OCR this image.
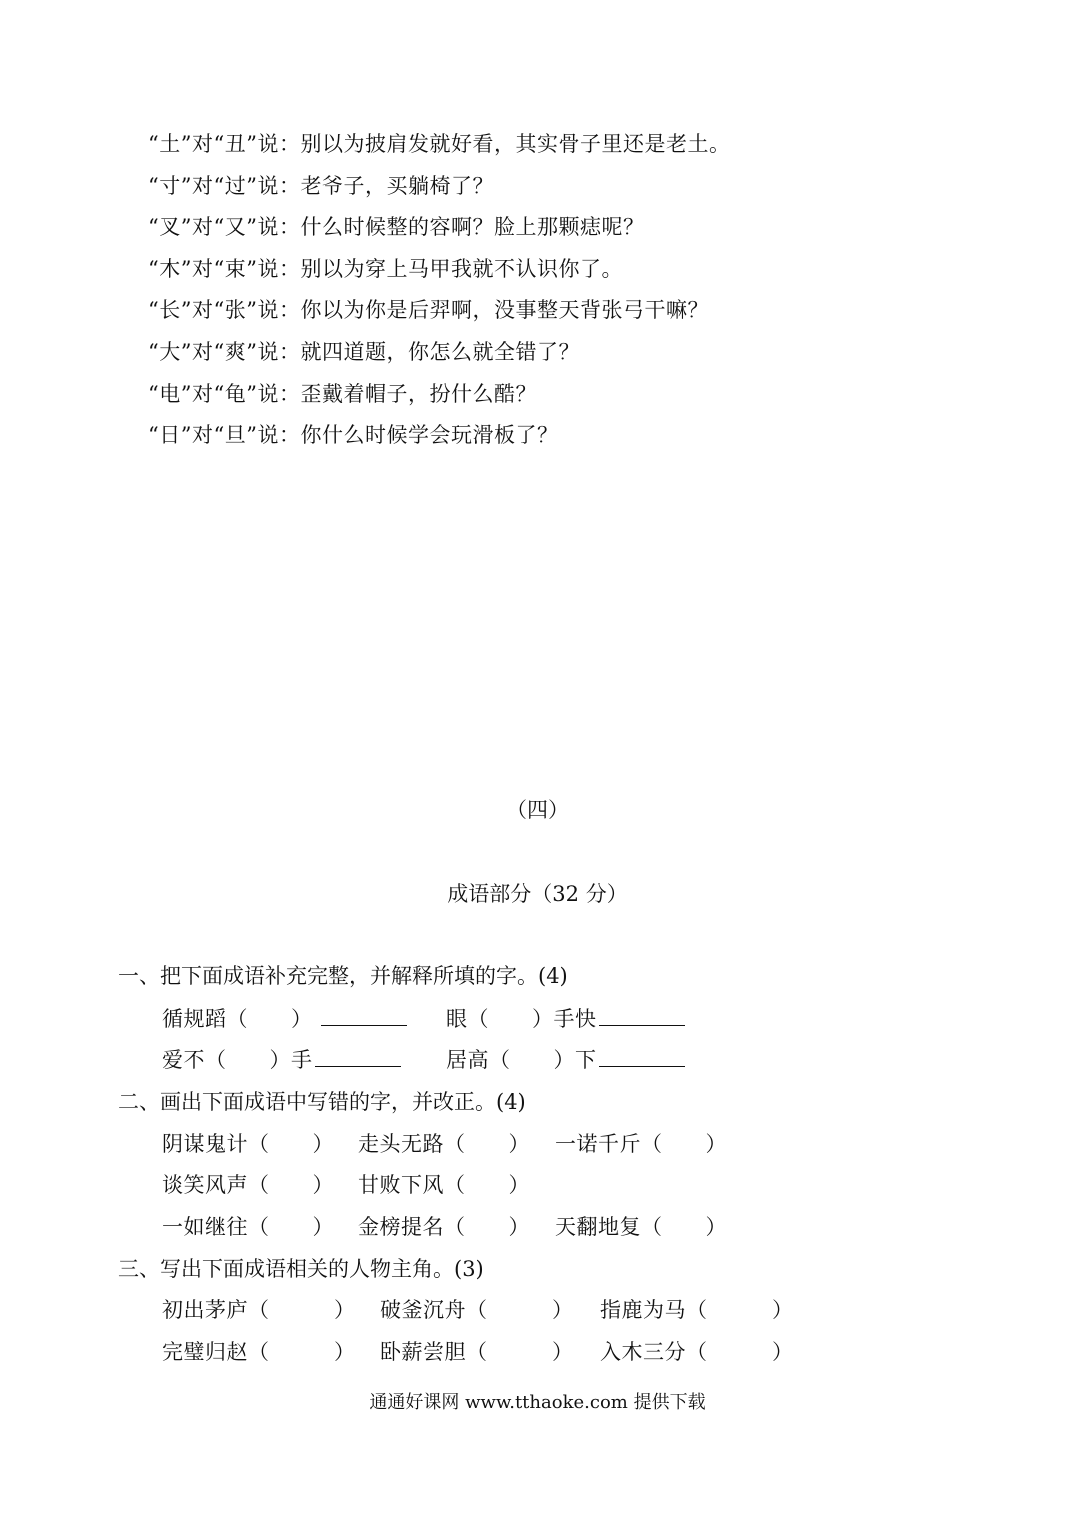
“土”对“丑”说：别以为披肩发就好看，其实骨子里还是老土。
“寸”对“过”说：老爷子，买躺椅了？
“叉”对“又”说：什么时候整的容啊？脸上那颗痣呢？
“木”对“束”说：别以为穿上马甲我就不认识你了。
“长”对“张”说：你以为你是后羿啊，没事整天背张弓干嘛？
“大”对“爽”说：就四道题，你怎么就全错了？
“电”对“龟”说：歪戴着帽子，扮什么酷？
“日”对“旦”说：你什么时候学会玩滑板了？
（四）
成语部分（32 分）
一、把下面成语补充完整，并解释所填的字。(4)
循规蹈（　　）	眼（　　）手快
爱不（　　）手	居高（　　）下
二、画出下面成语中写错的字，并改正。(4)
阴谋鬼计（　　） 走头无路（　　） 一诺千斤（　　）
谈笑风声（　　） 甘败下风（　　）
一如继往（　　） 金榜提名（　　） 天翻地复（　　）
三、写出下面成语相关的人物主角。(3)
初出茅庐（　　　） 破釜沉舟（　　　） 指鹿为马（　　　）
完璧归赵（　　　） 卧薪尝胆（　　　） 入木三分（　　　）
通通好课网 www.tthaoke.com 提供下载
